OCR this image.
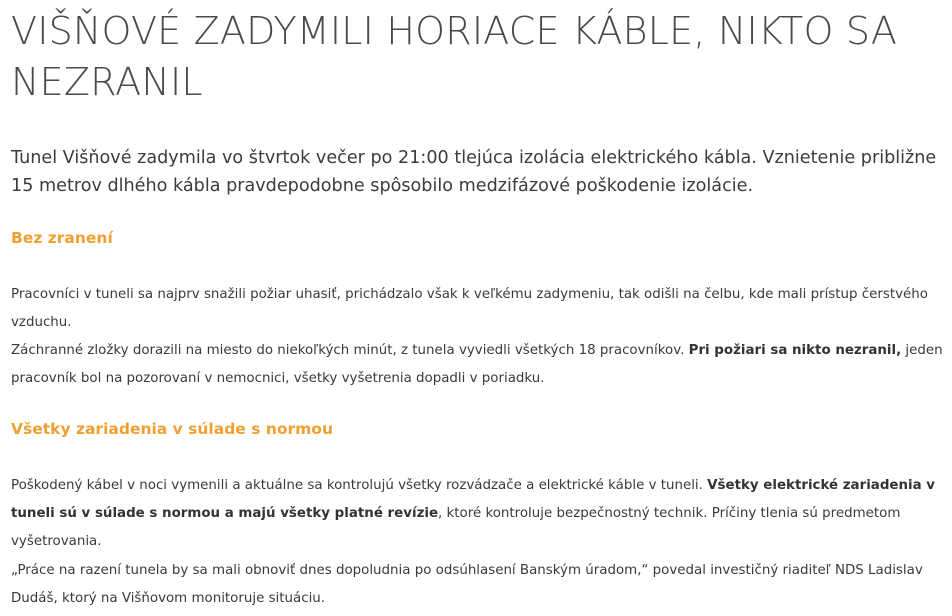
VIŠŇOVÉ ZADYMILI HORIACE KÁBLE, NIKTO SA NEZRANIL

Tunel Višňové zadymila vo štvrtok večer po 21:00 tlejúca izolácia elektrického kábla. Vznietenie približne 15 metrov dlhého kábla pravdepodobne spôsobilo medzifázové poškodenie izolácie.

Bez zranení

Pracovníci v tuneli sa najprv snažili požiar uhasiť, prichádzalo však k veľkému zadymeniu, tak odišli na čelbu, kde mali prístup čerstvého vzduchu.

Záchranné zložky dorazili na miesto do niekoľkých minút, z tunela vyviedli všetkých 18 pracovníkov. Pri požiari sa nikto nezranil, jeden pracovník bol na pozorovaní v nemocnici, všetky vyšetrenia dopadli v poriadku.

Všetky zariadenia v súlade s normou

Poškodený kábel v noci vymenili a aktuálne sa kontrolujú všetky rozvádzače a elektrické káble v tuneli. Všetky elektrické zariadenia v tuneli sú v súlade s normou a majú všetky platné revízie, ktoré kontroluje bezpečnostný technik. Príčiny tlenia sú predmetom vyšetrovania.

„Práce na razení tunela by sa mali obnoviť dnes dopoludnia po odsúhlasení Banským úradom,“ povedal investičný riaditeľ NDS Ladislav Dudáš, ktorý na Višňovom monitoruje situáciu.
